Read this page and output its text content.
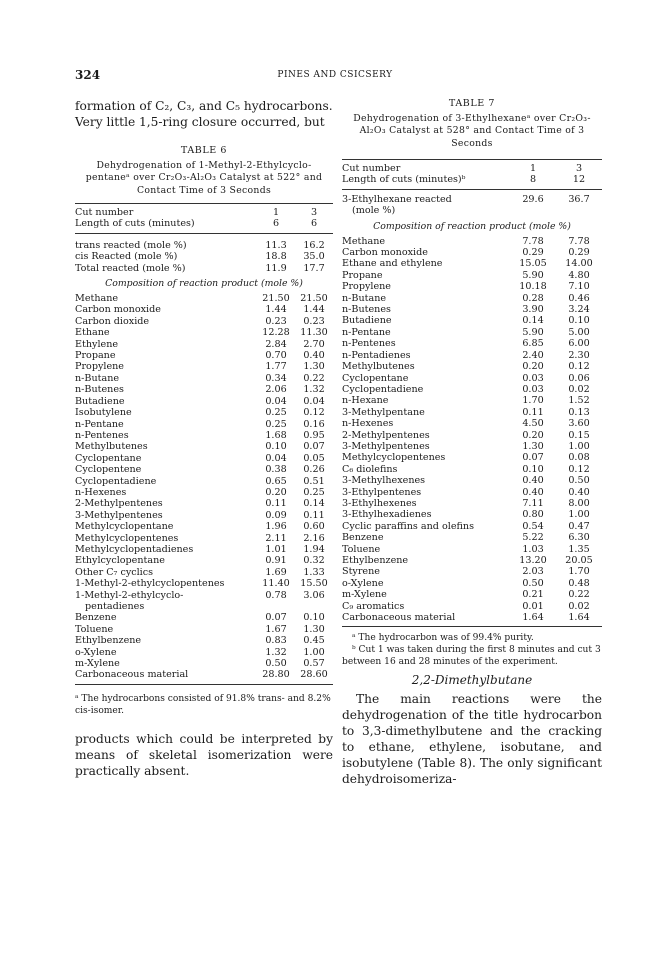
324	PINES AND CSICSERY

formation of C₂, C₃, and C₅ hydrocarbons. Very little 1,5-ring closure occurred, but

TABLE 6
Dehydrogenation of 1-Methyl-2-Ethylcyclo-pentaneᵃ over Cr₂O₃-Al₂O₃ Catalyst at 522° and Contact Time of 3 Seconds
Cut number	1	3
Length of cuts (minutes)	6	6
trans reacted (mole %)	11.3	16.2
cis Reacted (mole %)	18.8	35.0
Total reacted (mole %)	11.9	17.7
Composition of reaction product (mole %)
Methane	21.50	21.50
Carbon monoxide	1.44	1.44
Carbon dioxide	0.23	0.23
Ethane	12.28	11.30
Ethylene	2.84	2.70
Propane	0.70	0.40
Propylene	1.77	1.30
n-Butane	0.34	0.22
n-Butenes	2.06	1.32
Butadiene	0.04	0.04
Isobutylene	0.25	0.12
n-Pentane	0.25	0.16
n-Pentenes	1.68	0.95
Methylbutenes	0.10	0.07
Cyclopentane	0.04	0.05
Cyclopentene	0.38	0.26
Cyclopentadiene	0.65	0.51
n-Hexenes	0.20	0.25
2-Methylpentenes	0.11	0.14
3-Methylpentenes	0.09	0.11
Methylcyclopentane	1.96	0.60
Methylcyclopentenes	2.11	2.16
Methylcyclopentadienes	1.01	1.94
Ethylcyclopentane	0.91	0.32
Other C₇ cyclics	1.69	1.33
1-Methyl-2-ethylcyclopentenes	11.40	15.50
1-Methyl-2-ethylcyclo-	0.78	3.06
pentadienes		
Benzene	0.07	0.10
Toluene	1.67	1.30
Ethylbenzene	0.83	0.45
o-Xylene	1.32	1.00
m-Xylene	0.50	0.57
Carbonaceous material	28.80	28.60

ᵃ The hydrocarbons consisted of 91.8% trans- and 8.2% cis-isomer.

products which could be interpreted by means of skeletal isomerization were practically absent.

TABLE 7
Dehydrogenation of 3-Ethylhexaneᵃ over Cr₂O₃-Al₂O₃ Catalyst at 528° and Contact Time of 3 Seconds
Cut number	1	3
Length of cuts (minutes)ᵇ	8	12
3-Ethylhexane reacted	29.6	36.7
(mole %)		
Composition of reaction product (mole %)
Methane	7.78	7.78
Carbon monoxide	0.29	0.29
Ethane and ethylene	15.05	14.00
Propane	5.90	4.80
Propylene	10.18	7.10
n-Butane	0.28	0.46
n-Butenes	3.90	3.24
Butadiene	0.14	0.10
n-Pentane	5.90	5.00
n-Pentenes	6.85	6.00
n-Pentadienes	2.40	2.30
Methylbutenes	0.20	0.12
Cyclopentane	0.03	0.06
Cyclopentadiene	0.03	0.02
n-Hexane	1.70	1.52
3-Methylpentane	0.11	0.13
n-Hexenes	4.50	3.60
2-Methylpentenes	0.20	0.15
3-Methylpentenes	1.30	1.00
Methylcyclopentenes	0.07	0.08
C₆ diolefins	0.10	0.12
3-Methylhexenes	0.40	0.50
3-Ethylpentenes	0.40	0.40
3-Ethylhexenes	7.11	8.00
3-Ethylhexadienes	0.80	1.00
Cyclic paraffins and olefins	0.54	0.47
Benzene	5.22	6.30
Toluene	1.03	1.35
Ethylbenzene	13.20	20.05
Styrene	2.03	1.70
o-Xylene	0.50	0.48
m-Xylene	0.21	0.22
C₉ aromatics	0.01	0.02
Carbonaceous material	1.64	1.64

ᵃ The hydrocarbon was of 99.4% purity.

ᵇ Cut 1 was taken during the first 8 minutes and cut 3 between 16 and 28 minutes of the experiment.

2,2-Dimethylbutane

The main reactions were the dehydrogenation of the title hydrocarbon to 3,3-dimethylbutene and the cracking to ethane, ethylene, isobutane, and isobutylene (Table 8). The only significant dehydroisomeriza-
